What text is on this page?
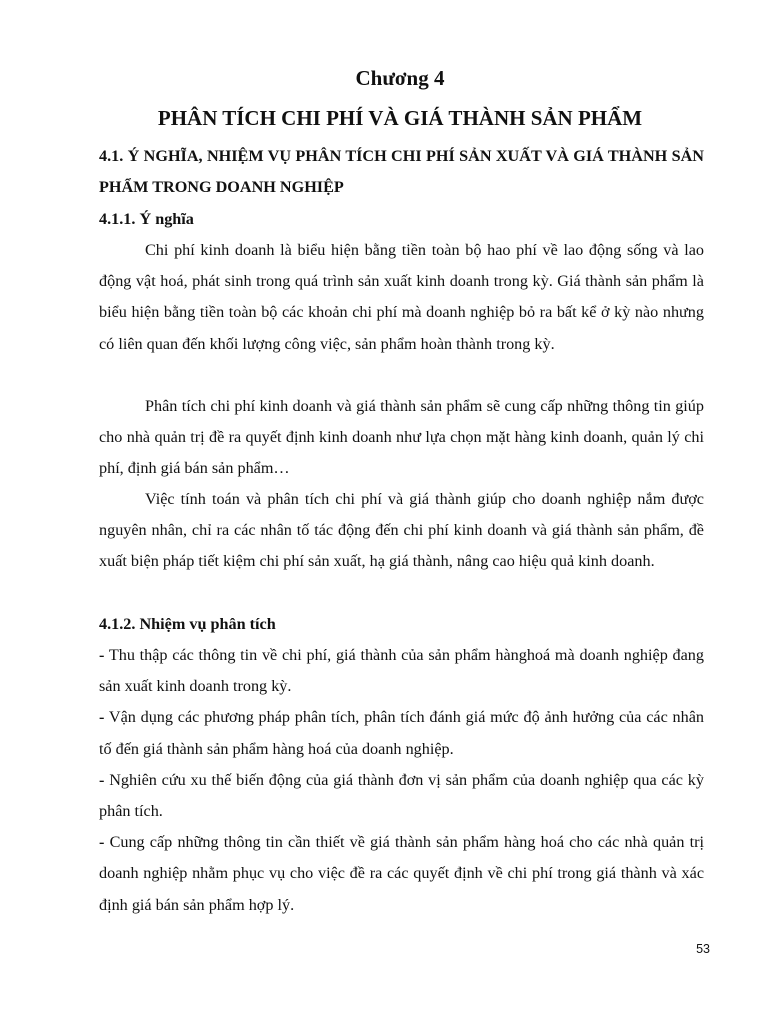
Chương 4
PHÂN TÍCH CHI PHÍ VÀ GIÁ THÀNH SẢN PHẨM
4.1. Ý NGHĨA, NHIỆM VỤ PHÂN TÍCH CHI PHÍ SẢN XUẤT VÀ GIÁ THÀNH SẢN PHẨM TRONG DOANH NGHIỆP
4.1.1. Ý nghĩa

Chi phí kinh doanh là biểu hiện bằng tiền toàn bộ hao phí về lao động sống và lao động vật hoá, phát sinh trong quá trình sản xuất kinh doanh trong kỳ. Giá thành sản phẩm là biểu hiện bằng tiền toàn bộ các khoản chi phí mà doanh nghiệp bỏ ra bất kể ở kỳ nào nhưng có liên quan đến khối lượng công việc, sản phẩm hoàn thành trong kỳ.

Phân tích chi phí kinh doanh và giá thành sản phẩm sẽ cung cấp những thông tin giúp cho nhà quản trị đề ra quyết định kinh doanh như lựa chọn mặt hàng kinh doanh, quản lý chi phí, định giá bán sản phẩm…

Việc tính toán và phân tích chi phí và giá thành giúp cho doanh nghiệp nắm được nguyên nhân, chỉ ra các nhân tố tác động đến chi phí kinh doanh và giá thành sản phẩm, đề xuất biện pháp tiết kiệm chi phí sản xuất, hạ giá thành, nâng cao hiệu quả kinh doanh.

4.1.2. Nhiệm vụ phân tích

- Thu thập các thông tin về chi phí, giá thành của sản phẩm hànghoá mà doanh nghiệp đang sản xuất kinh doanh trong kỳ.

- Vận dụng các phương pháp phân tích, phân tích đánh giá mức độ ảnh hưởng của các nhân tố đến giá thành sản phẩm hàng hoá của doanh nghiệp.

- Nghiên cứu xu thế biến động của giá thành đơn vị sản phẩm của doanh nghiệp qua các kỳ phân tích.

- Cung cấp những thông tin cần thiết về giá thành sản phẩm hàng hoá cho các nhà quản trị doanh nghiệp nhằm phục vụ cho việc đề ra các quyết định về chi phí trong giá thành và xác định giá bán sản phẩm hợp lý.

53
